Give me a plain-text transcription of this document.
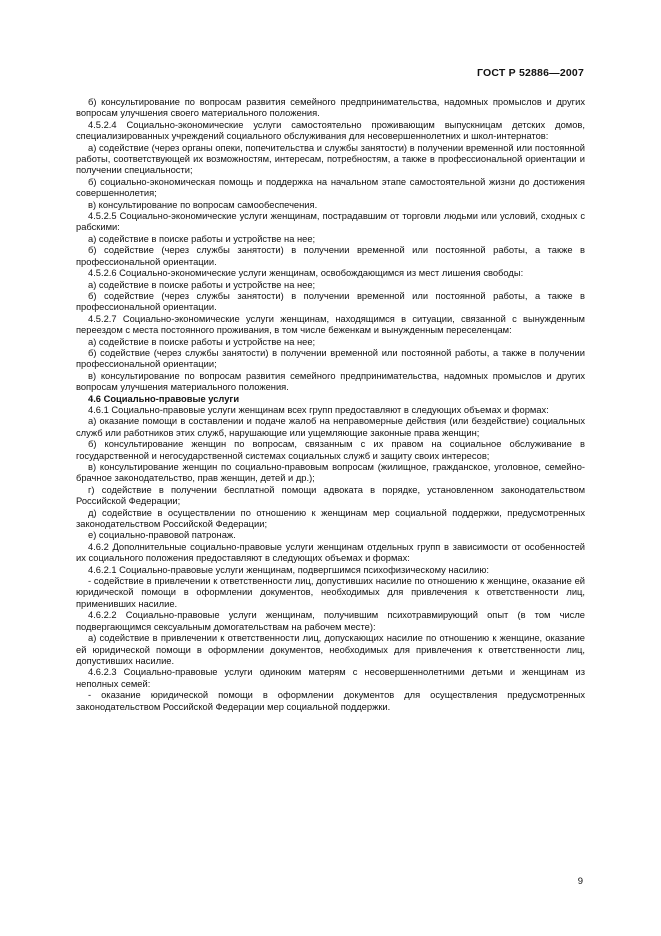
ГОСТ Р 52886—2007

б) консультирование по вопросам развития семейного предпринимательства, надомных промыслов и других вопросам улучшения своего материального положения.

4.5.2.4 Социально-экономические услуги самостоятельно проживающим выпускницам детских домов, специализированных учреждений социального обслуживания для несовершеннолетних и школ-интернатов:

а) содействие (через органы опеки, попечительства и службы занятости) в получении временной или постоянной работы, соответствующей их возможностям, интересам, потребностям, а также в профессиональной ориентации и получении специальности;

б) социально-экономическая помощь и поддержка на начальном этапе самостоятельной жизни до достижения совершеннолетия;

в) консультирование по вопросам самообеспечения.

4.5.2.5 Социально-экономические услуги женщинам, пострадавшим от торговли людьми или условий, сходных с рабскими:

а) содействие в поиске работы и устройстве на нее;

б) содействие (через службы занятости) в получении временной или постоянной работы, а также в профессиональной ориентации.

4.5.2.6 Социально-экономические услуги женщинам, освобождающимся из мест лишения свободы:

а) содействие в поиске работы и устройстве на нее;

б) содействие (через службы занятости) в получении временной или постоянной работы, а также в профессиональной ориентации.

4.5.2.7 Социально-экономические услуги женщинам, находящимся в ситуации, связанной с вынужденным переездом с места постоянного проживания, в том числе беженкам и вынужденным переселенцам:

а) содействие в поиске работы и устройстве на нее;

б) содействие (через службы занятости) в получении временной или постоянной работы, а также в получении профессиональной ориентации;

в) консультирование по вопросам развития семейного предпринимательства, надомных промыслов и других вопросам улучшения материального положения.

4.6 Социально-правовые услуги

4.6.1 Социально-правовые услуги женщинам всех групп предоставляют в следующих объемах и формах:

а) оказание помощи в составлении и подаче жалоб на неправомерные действия (или бездействие) социальных служб или работников этих служб, нарушающие или ущемляющие законные права женщин;

б) консультирование женщин по вопросам, связанным с их правом на социальное обслуживание в государственной и негосударственной системах социальных служб и защиту своих интересов;

в) консультирование женщин по социально-правовым вопросам (жилищное, гражданское, уголовное, семейно-брачное законодательство, прав женщин, детей и др.);

г) содействие в получении бесплатной помощи адвоката в порядке, установленном законодательством Российской Федерации;

д) содействие в осуществлении по отношению к женщинам мер социальной поддержки, предусмотренных законодательством Российской Федерации;

е) социально-правовой патронаж.

4.6.2 Дополнительные социально-правовые услуги женщинам отдельных групп в зависимости от особенностей их социального положения предоставляют в следующих объемах и формах:

4.6.2.1 Социально-правовые услуги женщинам, подвергшимся психофизическому насилию:

- содействие в привлечении к ответственности лиц, допустивших насилие по отношению к женщине, оказание ей юридической помощи в оформлении документов, необходимых для привлечения к ответственности лиц, применивших насилие.

4.6.2.2 Социально-правовые услуги женщинам, получившим психотравмирующий опыт (в том числе подвергающимся сексуальным домогательствам на рабочем месте):

а) содействие в привлечении к ответственности лиц, допускающих насилие по отношению к женщине, оказание ей юридической помощи в оформлении документов, необходимых для привлечения к ответственности лиц, допустивших насилие.

4.6.2.3 Социально-правовые услуги одиноким матерям с несовершеннолетними детьми и женщинам из неполных семей:

- оказание юридической помощи в оформлении документов для осуществления предусмотренных законодательством Российской Федерации мер социальной поддержки.

9
